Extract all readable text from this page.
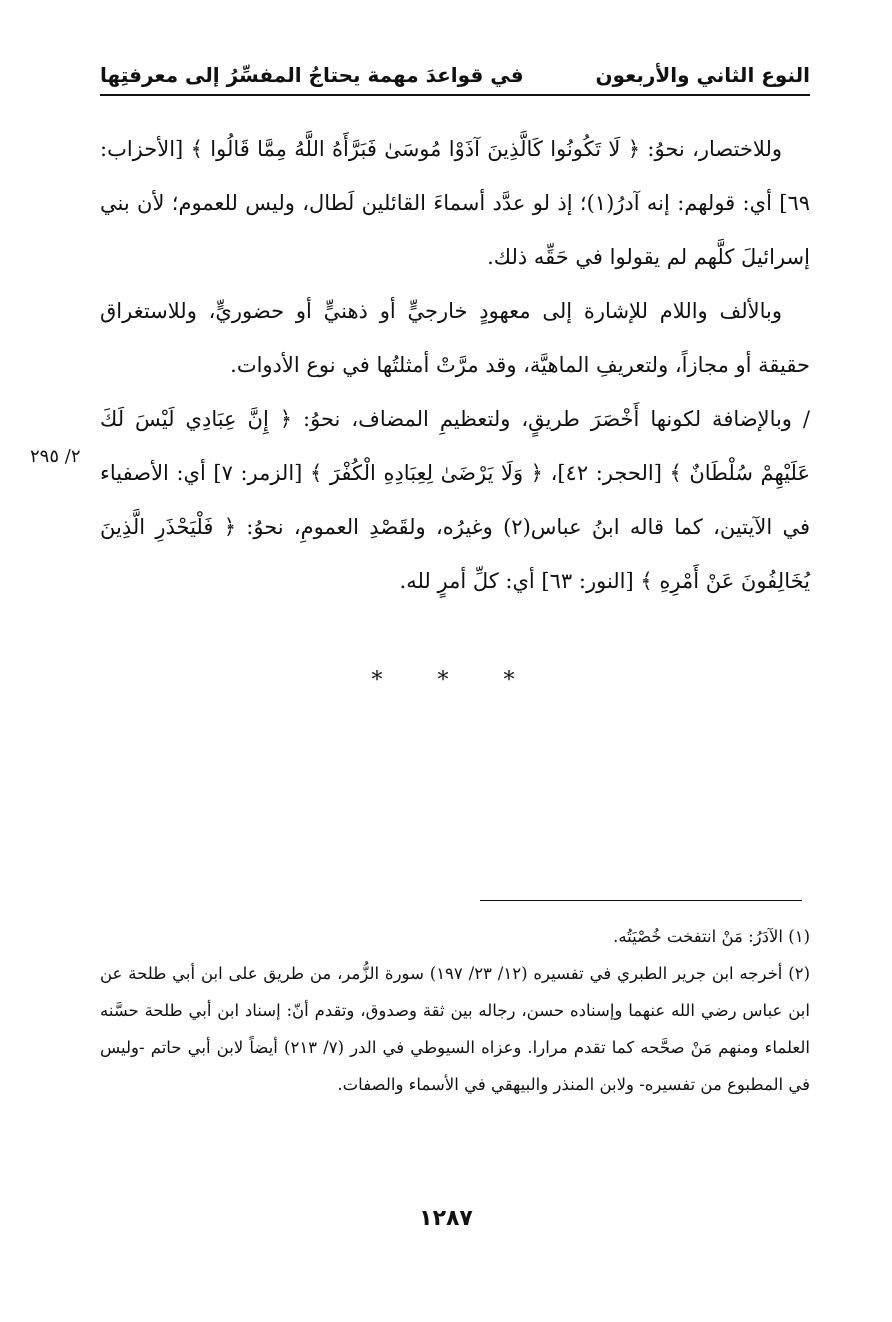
النوع الثاني والأربعون
في قواعدَ مهمة يحتاجُ المفسِّرُ إلى معرفتِها

وللاختصار، نحوُ: ﴿ لَا تَكُونُوا كَالَّذِينَ آذَوْا مُوسَىٰ فَبَرَّأَهُ اللَّهُ مِمَّا قَالُوا ﴾ [الأحزاب: ٦٩] أي: قولهم: إنه آدرُ(١)؛ إذ لو عدَّد أسماءَ القائلين لَطال، وليس للعموم؛ لأن بني إسرائيلَ كلَّهم لم يقولوا في حَقِّه ذلك.

وبالألف واللام للإشارة إلى معهودٍ خارجيٍّ أو ذهنيٍّ أو حضوريٍّ، وللاستغراق حقيقة أو مجازاً، ولتعريفِ الماهيَّة، وقد مرَّتْ أمثلتُها في نوع الأدوات.

/ وبالإضافة لكونها أَخْصَرَ طريقٍ، ولتعظيمِ المضاف، نحوُ: ﴿ إِنَّ عِبَادِي لَيْسَ لَكَ عَلَيْهِمْ سُلْطَانٌ ﴾ [الحجر: ٤٢]، ﴿ وَلَا يَرْضَىٰ لِعِبَادِهِ الْكُفْرَ ﴾ [الزمر: ٧] أي: الأصفياء في الآيتين، كما قاله ابنُ عباس(٢) وغيرُه، ولقَصْدِ العمومِ، نحوُ: ﴿ فَلْيَحْذَرِ الَّذِينَ يُخَالِفُونَ عَنْ أَمْرِهِ ﴾ [النور: ٦٣] أي: كلِّ أمرٍ لله.

٢/ ٢٩٥
* * *

(١) الآدَرُ: مَنْ انتفخت خُصْيَتُه.

(٢) أخرجه ابن جرير الطبري في تفسيره (١٢/ ٢٣/ ١٩٧) سورة الزُّمر، من طريق على ابن أبي طلحة عن ابن عباس رضي الله عنهما وإسناده حسن، رجاله بين ثقة وصدوق، وتقدم أنّ: إسناد ابن أبي طلحة حسَّنه العلماء ومنهم مَنْ صحَّحه كما تقدم مرارا. وعزاه السيوطي في الدر (٧/ ٢١٣) أيضاً لابن أبي حاتم -وليس في المطبوع من تفسيره- ولابن المنذر والبيهقي في الأسماء والصفات.

١٢٨٧
